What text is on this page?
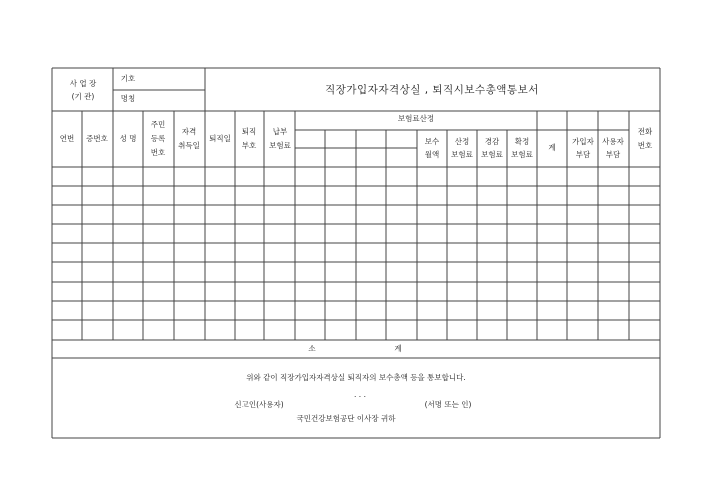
사 업 장
(기 관)
기호
명칭
직장가입자자격상실 , 퇴직시보수총액통보서
연번 증번호 성 명
주민
등록
번호
자격
취득일
퇴직일
퇴직
부호
납부
보험료
보험료산정
보수
월액
산정
보험료
경감
보험료
확정
보험료
계
가입자
부담
사용자
부담
전화
번호
소	계
위와 같이 직장가입자자격상실 퇴직자의 보수총액 등을 통보합니다.
. . .
신고인(사용자)	(서명 또는 인)
국민건강보험공단 이사장 귀하
